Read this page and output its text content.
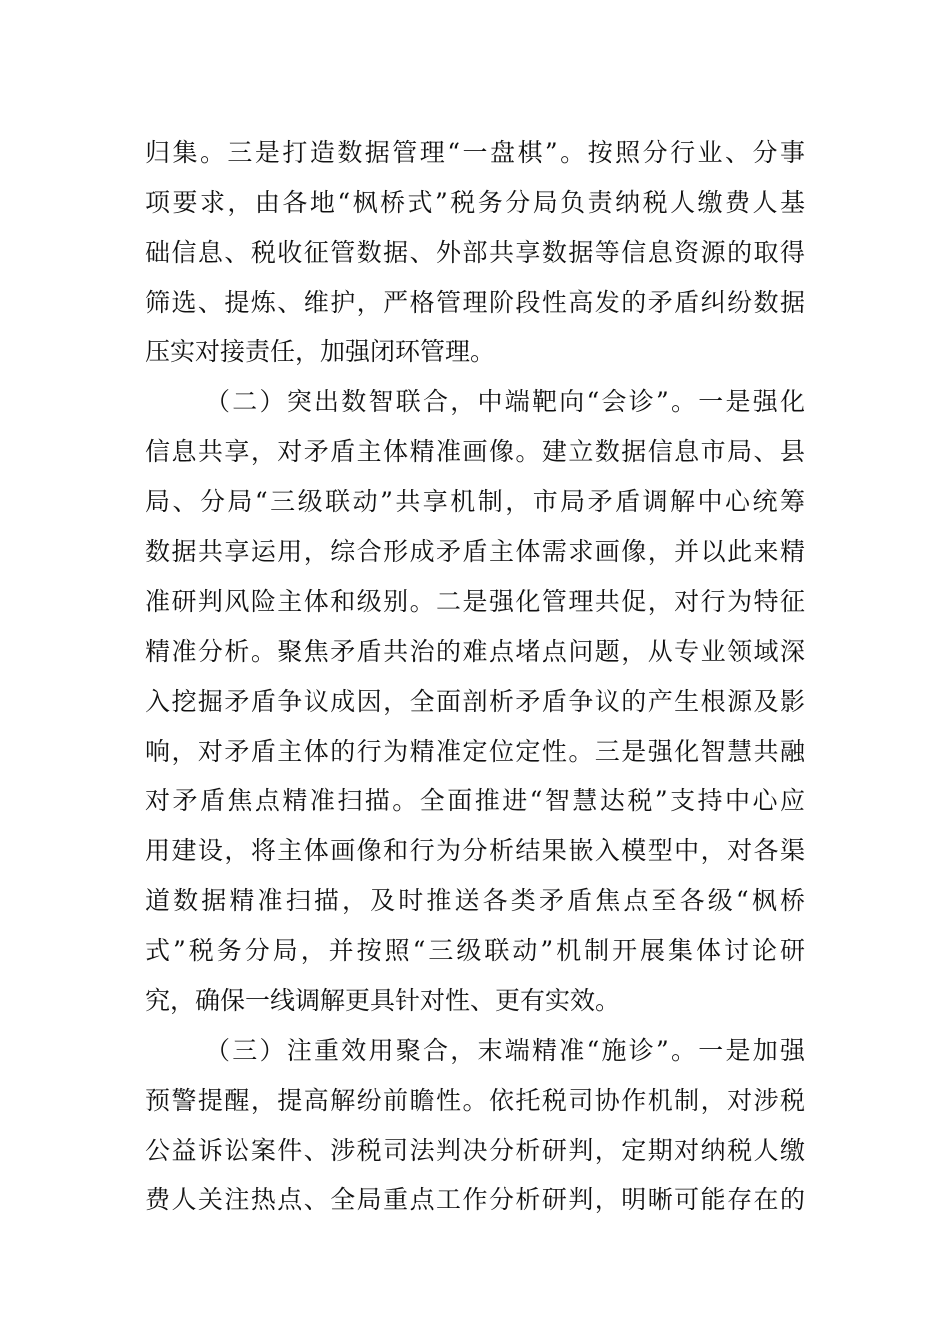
归集。三是打造数据管理“一盘棋”。按照分行业、分事
项要求，由各地“枫桥式”税务分局负责纳税人缴费人基
础信息、税收征管数据、外部共享数据等信息资源的取得
筛选、提炼、维护，严格管理阶段性高发的矛盾纠纷数据
压实对接责任，加强闭环管理。
（二）突出数智联合，中端靶向“会诊”。一是强化
信息共享，对矛盾主体精准画像。建立数据信息市局、县
局、分局“三级联动”共享机制，市局矛盾调解中心统筹
数据共享运用，综合形成矛盾主体需求画像，并以此来精
准研判风险主体和级别。二是强化管理共促，对行为特征
精准分析。聚焦矛盾共治的难点堵点问题，从专业领域深
入挖掘矛盾争议成因，全面剖析矛盾争议的产生根源及影
响，对矛盾主体的行为精准定位定性。三是强化智慧共融
对矛盾焦点精准扫描。全面推进“智慧达税”支持中心应
用建设，将主体画像和行为分析结果嵌入模型中，对各渠
道数据精准扫描，及时推送各类矛盾焦点至各级“枫桥
式”税务分局，并按照“三级联动”机制开展集体讨论研
究，确保一线调解更具针对性、更有实效。
（三）注重效用聚合，末端精准“施诊”。一是加强
预警提醒，提高解纷前瞻性。依托税司协作机制，对涉税
公益诉讼案件、涉税司法判决分析研判，定期对纳税人缴
费人关注热点、全局重点工作分析研判，明晰可能存在的
